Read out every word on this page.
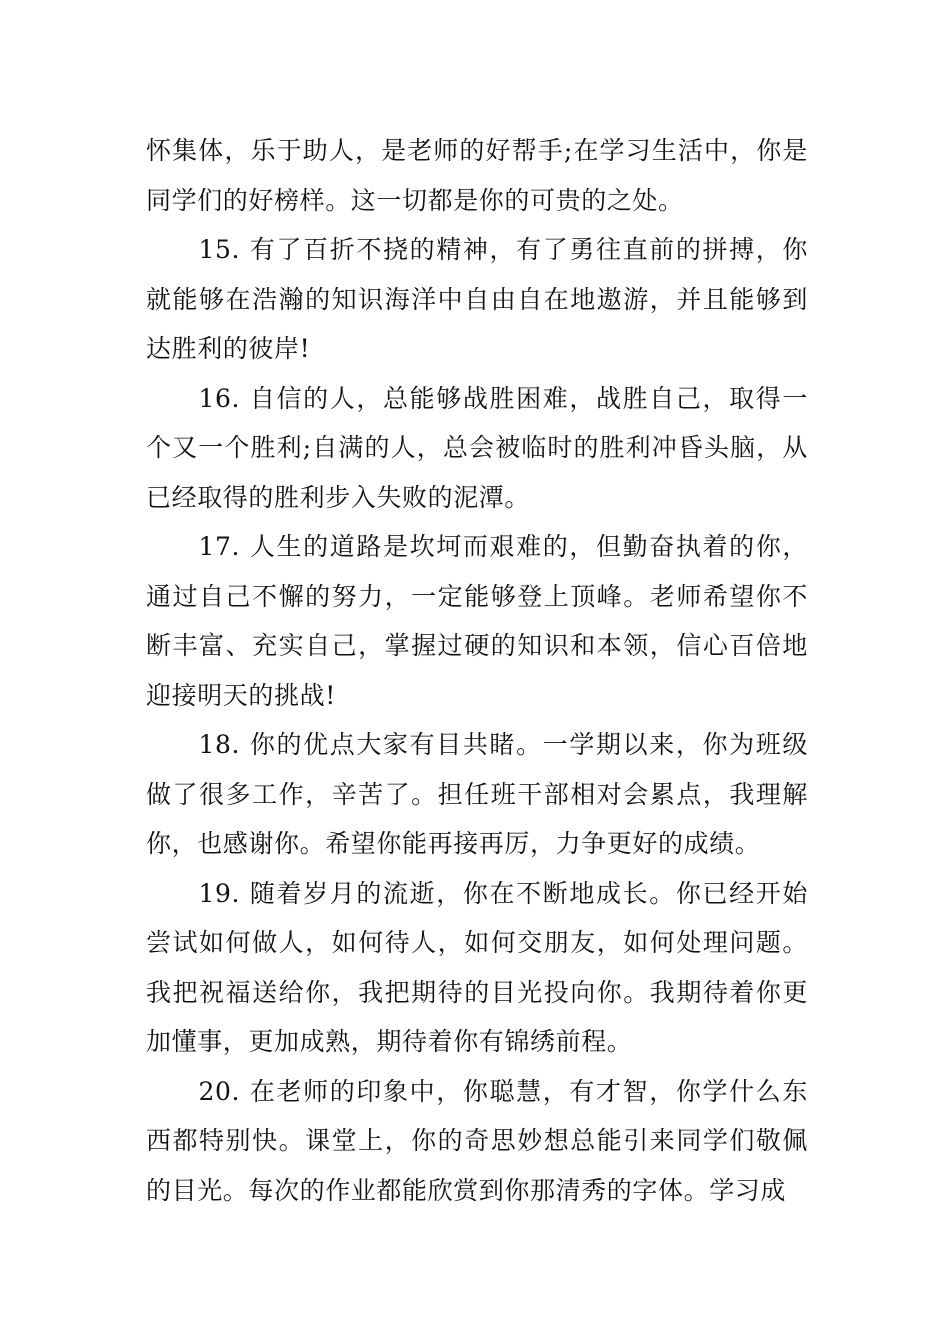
怀集体，乐于助人，是老师的好帮手;在学习生活中，你是同学们的好榜样。这一切都是你的可贵的之处。

15. 有了百折不挠的精神，有了勇往直前的拼搏，你就能够在浩瀚的知识海洋中自由自在地遨游，并且能够到达胜利的彼岸!

16. 自信的人，总能够战胜困难，战胜自己，取得一个又一个胜利;自满的人，总会被临时的胜利冲昏头脑，从已经取得的胜利步入失败的泥潭。

17. 人生的道路是坎坷而艰难的，但勤奋执着的你，通过自己不懈的努力，一定能够登上顶峰。老师希望你不断丰富、充实自己，掌握过硬的知识和本领，信心百倍地迎接明天的挑战!

18. 你的优点大家有目共睹。一学期以来，你为班级做了很多工作，辛苦了。担任班干部相对会累点，我理解你，也感谢你。希望你能再接再厉，力争更好的成绩。

19. 随着岁月的流逝，你在不断地成长。你已经开始尝试如何做人，如何待人，如何交朋友，如何处理问题。我把祝福送给你，我把期待的目光投向你。我期待着你更加懂事，更加成熟，期待着你有锦绣前程。

20. 在老师的印象中，你聪慧，有才智，你学什么东西都特别快。课堂上，你的奇思妙想总能引来同学们敬佩的目光。每次的作业都能欣赏到你那清秀的字体。学习成
